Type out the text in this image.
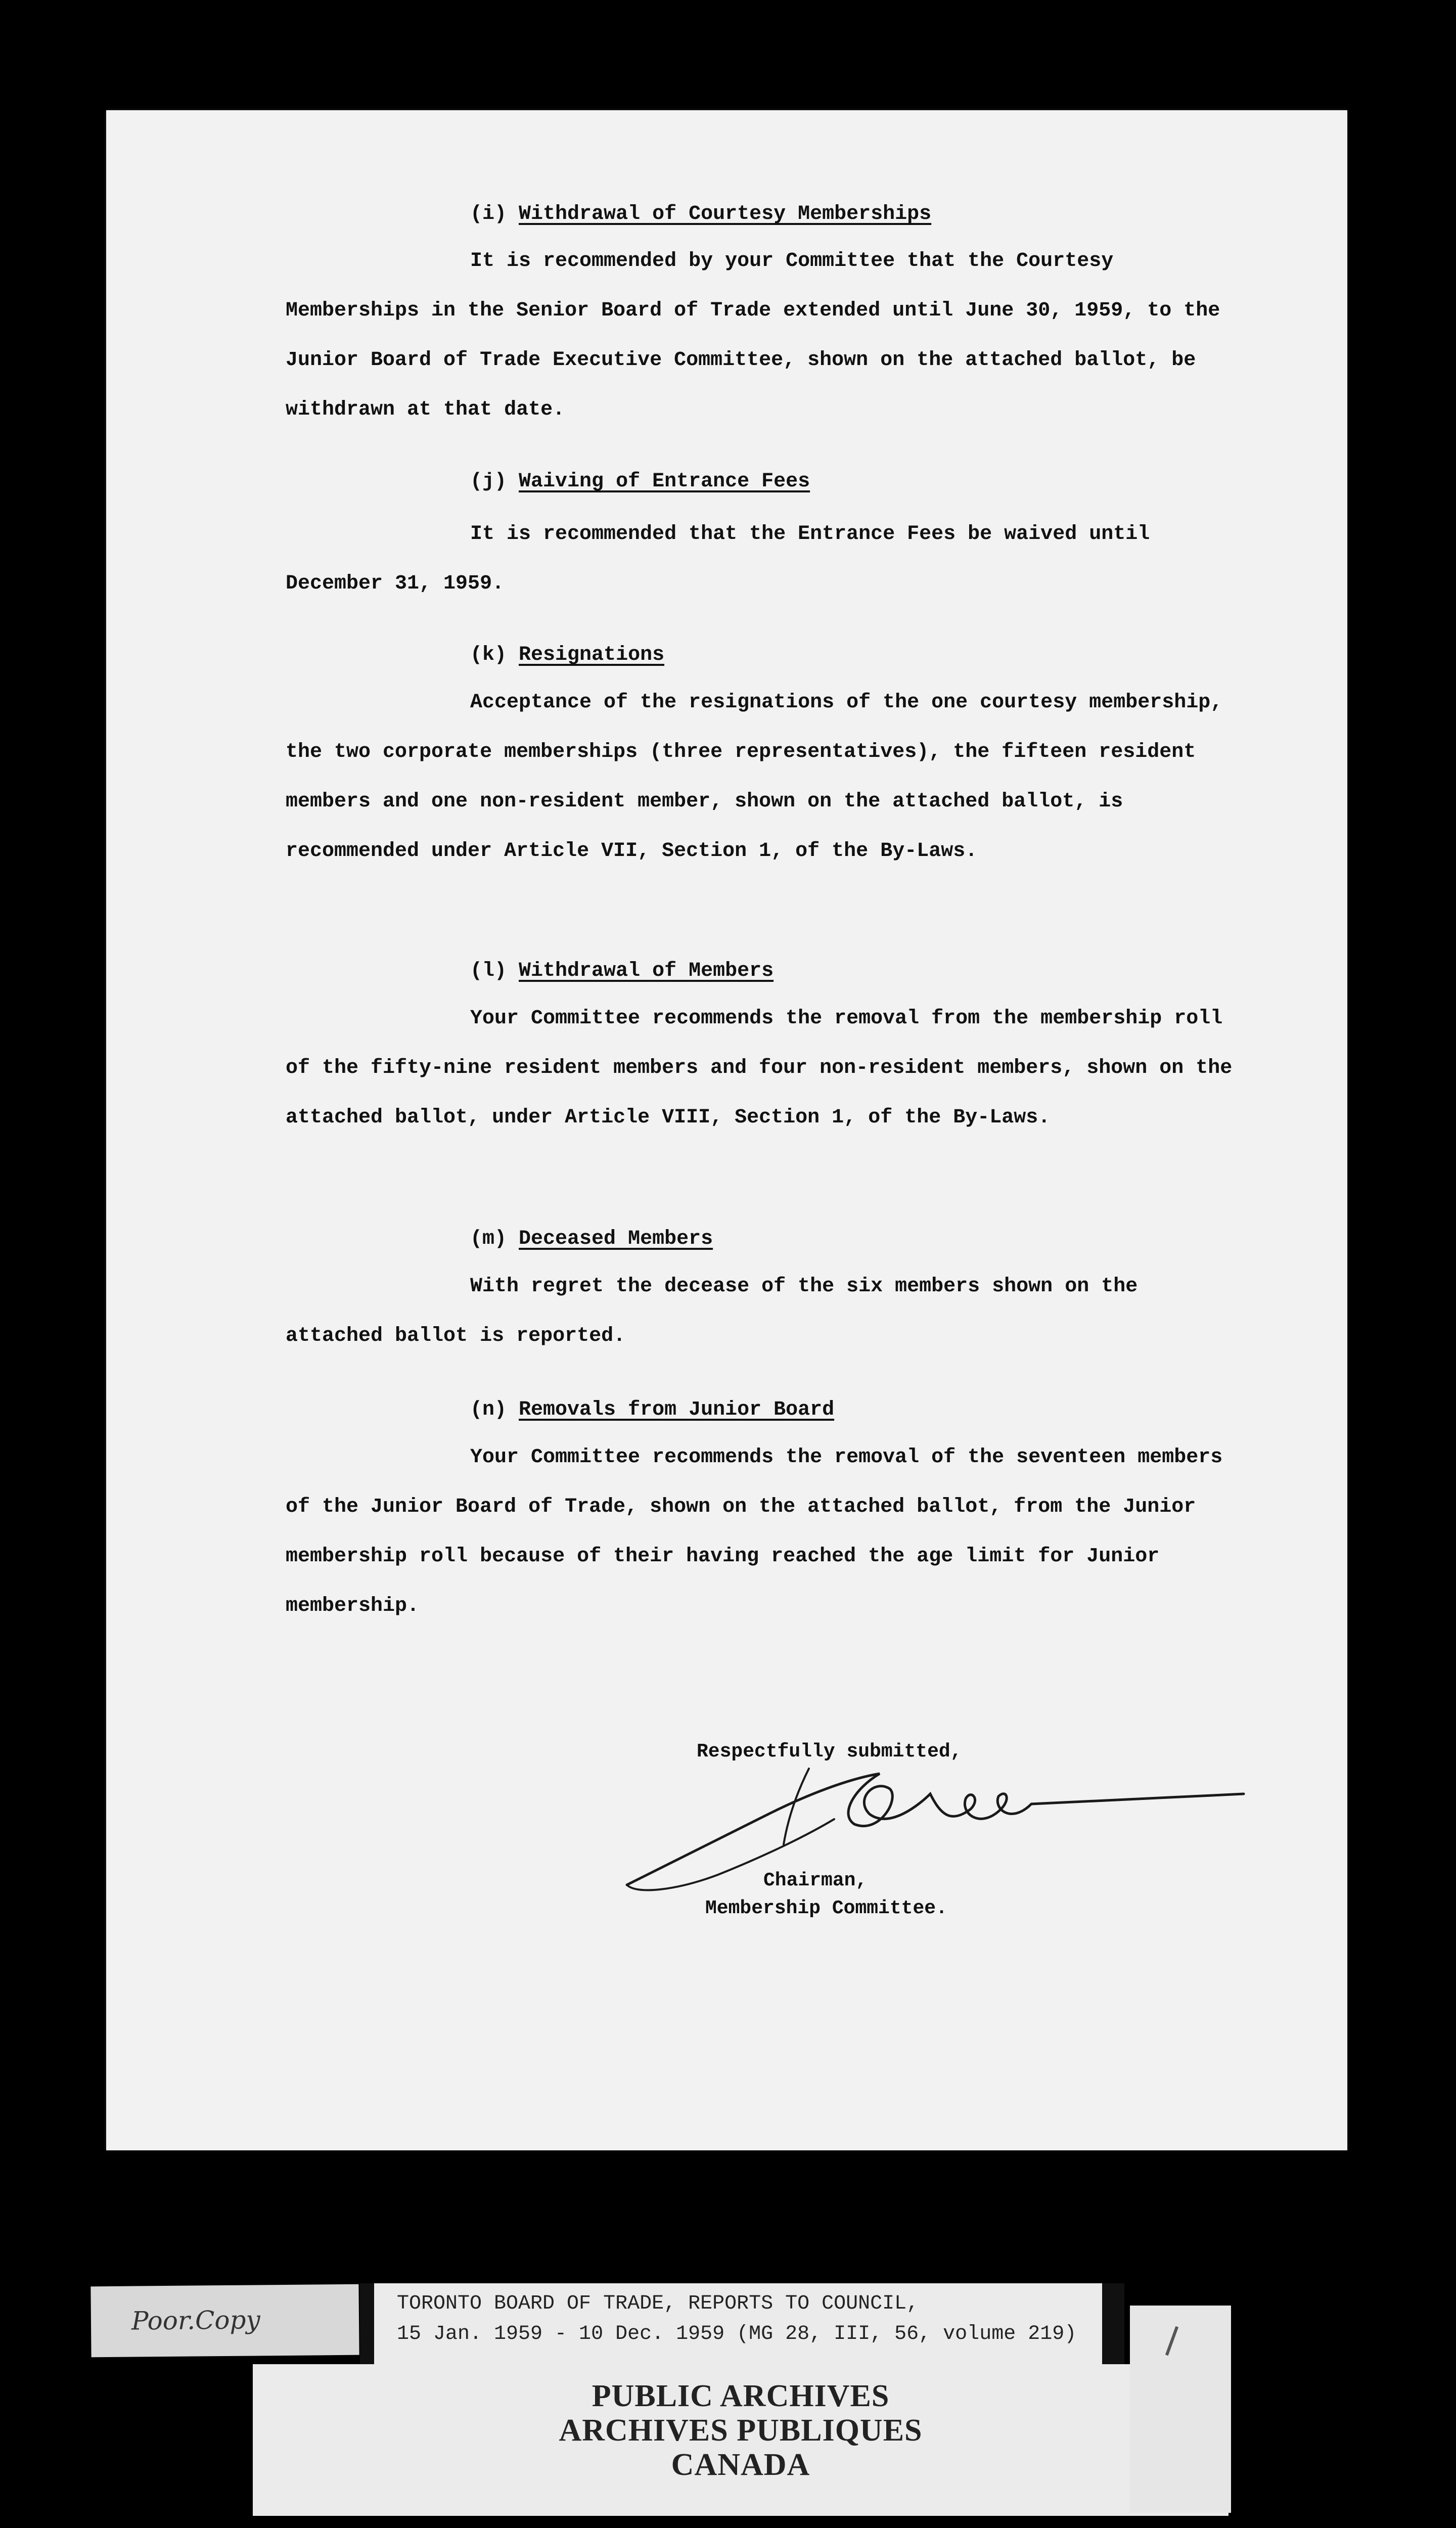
(i) Withdrawal of Courtesy Memberships

It is recommended by your Committee that the Courtesy Memberships in the Senior Board of Trade extended until June 30, 1959, to the Junior Board of Trade Executive Committee, shown on the attached ballot, be withdrawn at that date.

(j) Waiving of Entrance Fees

It is recommended that the Entrance Fees be waived until December 31, 1959.

(k) Resignations

Acceptance of the resignations of the one courtesy membership, the two corporate memberships (three representatives), the fifteen resident members and one non-resident member, shown on the attached ballot, is recommended under Article VII, Section 1, of the By-Laws.

(l) Withdrawal of Members

Your Committee recommends the removal from the membership roll of the fifty-nine resident members and four non-resident members, shown on the attached ballot, under Article VIII, Section 1, of the By-Laws.

(m) Deceased Members

With regret the decease of the six members shown on the attached ballot is reported.

(n) Removals from Junior Board

Your Committee recommends the removal of the seventeen members of the Junior Board of Trade, shown on the attached ballot, from the Junior membership roll because of their having reached the age limit for Junior membership.

Respectfully submitted,
Chairman,
Membership Committee.
Poor.Copy
TORONTO BOARD OF TRADE, REPORTS TO COUNCIL,
15 Jan. 1959 - 10 Dec. 1959 (MG 28, III, 56, volume 219)
PUBLIC ARCHIVES
ARCHIVES PUBLIQUES
CANADA
